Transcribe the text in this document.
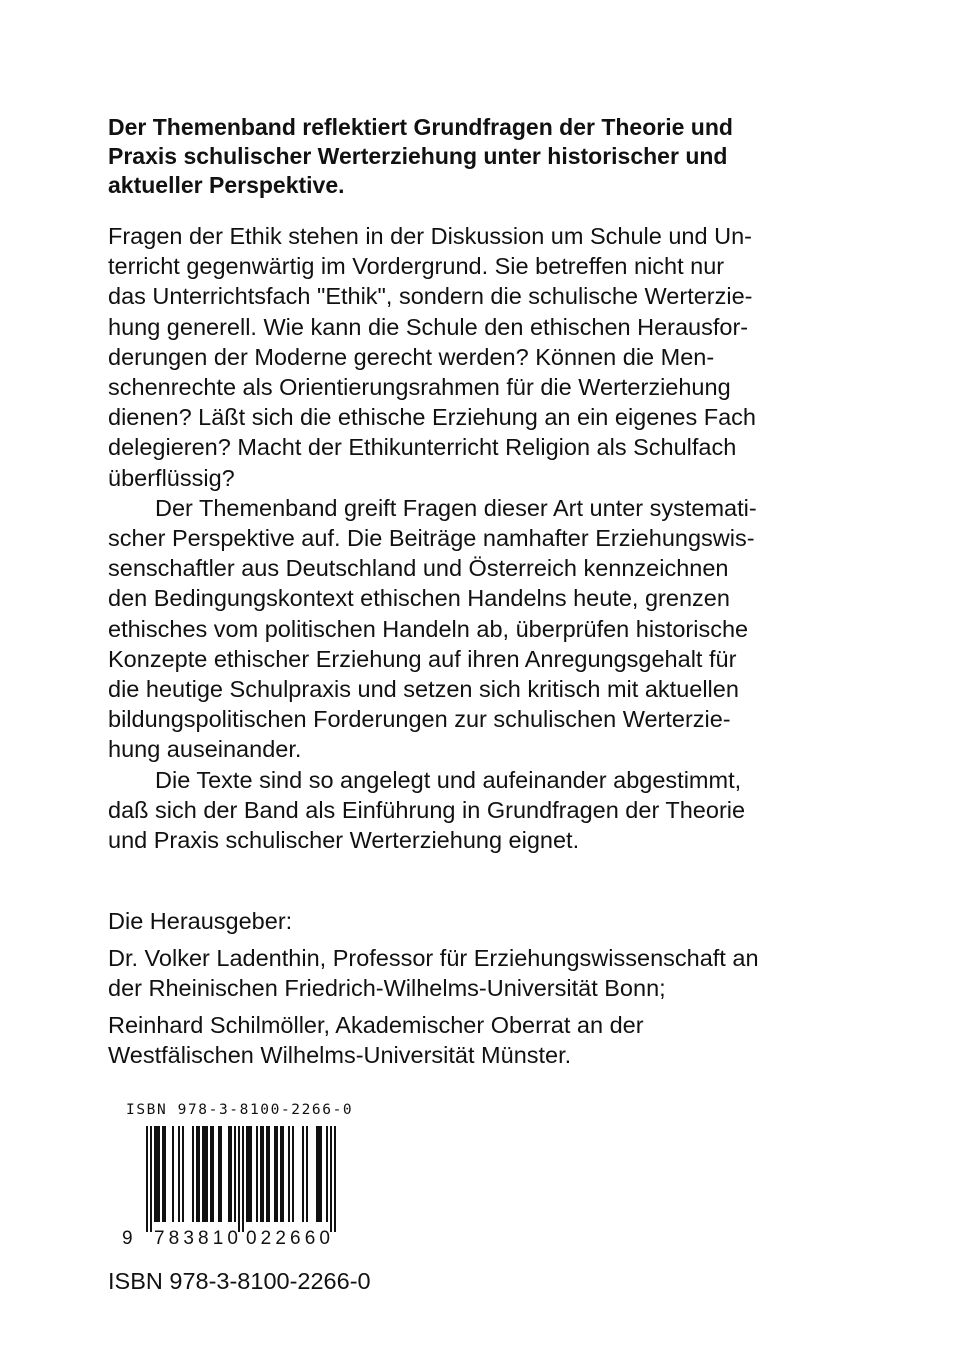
Der Themenband reflektiert Grundfragen der Theorie und
Praxis schulischer Werterziehung unter historischer und
aktueller Perspektive.
Fragen der Ethik stehen in der Diskussion um Schule und Un-
terricht gegenwärtig im Vordergrund. Sie betreffen nicht nur
das Unterrichtsfach "Ethik", sondern die schulische Werterzie-
hung generell. Wie kann die Schule den ethischen Herausfor-
derungen der Moderne gerecht werden? Können die Men-
schenrechte als Orientierungsrahmen für die Werterziehung
dienen? Läßt sich die ethische Erziehung an ein eigenes Fach
delegieren? Macht der Ethikunterricht Religion als Schulfach
überflüssig?
Der Themenband greift Fragen dieser Art unter systemati-
scher Perspektive auf. Die Beiträge namhafter Erziehungswis-
senschaftler aus Deutschland und Österreich kennzeichnen
den Bedingungskontext ethischen Handelns heute, grenzen
ethisches vom politischen Handeln ab, überprüfen historische
Konzepte ethischer Erziehung auf ihren Anregungsgehalt für
die heutige Schulpraxis und setzen sich kritisch mit aktuellen
bildungspolitischen Forderungen zur schulischen Werterzie-
hung auseinander.
Die Texte sind so angelegt und aufeinander abgestimmt,
daß sich der Band als Einführung in Grundfragen der Theorie
und Praxis schulischer Werterziehung eignet.
Die Herausgeber:
Dr. Volker Ladenthin, Professor für Erziehungswissenschaft an
der Rheinischen Friedrich-Wilhelms-Universität Bonn;
Reinhard Schilmöller, Akademischer Oberrat an der
Westfälischen Wilhelms-Universität Münster.
ISBN 978-3-8100-2266-0
9 783810 022660
ISBN 978-3-8100-2266-0
